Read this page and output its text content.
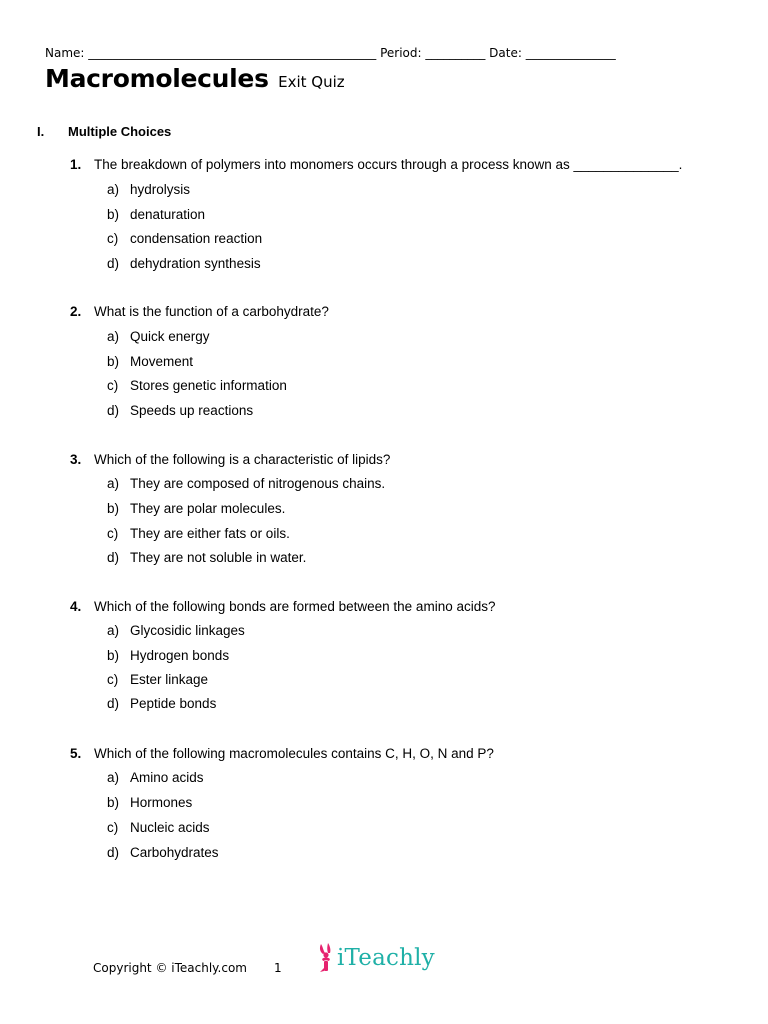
Name: ________________________________________________ Period: __________ Date: _______________
Macromolecules Exit Quiz
I. Multiple Choices
1. The breakdown of polymers into monomers occurs through a process known as ______________.
a) hydrolysis
b) denaturation
c) condensation reaction
d) dehydration synthesis
2. What is the function of a carbohydrate?
a) Quick energy
b) Movement
c) Stores genetic information
d) Speeds up reactions
3. Which of the following is a characteristic of lipids?
a) They are composed of nitrogenous chains.
b) They are polar molecules.
c) They are either fats or oils.
d) They are not soluble in water.
4. Which of the following bonds are formed between the amino acids?
a) Glycosidic linkages
b) Hydrogen bonds
c) Ester linkage
d) Peptide bonds
5. Which of the following macromolecules contains C, H, O, N and P?
a) Amino acids
b) Hormones
c) Nucleic acids
d) Carbohydrates
Copyright © iTeachly.com 1 iTeachly
